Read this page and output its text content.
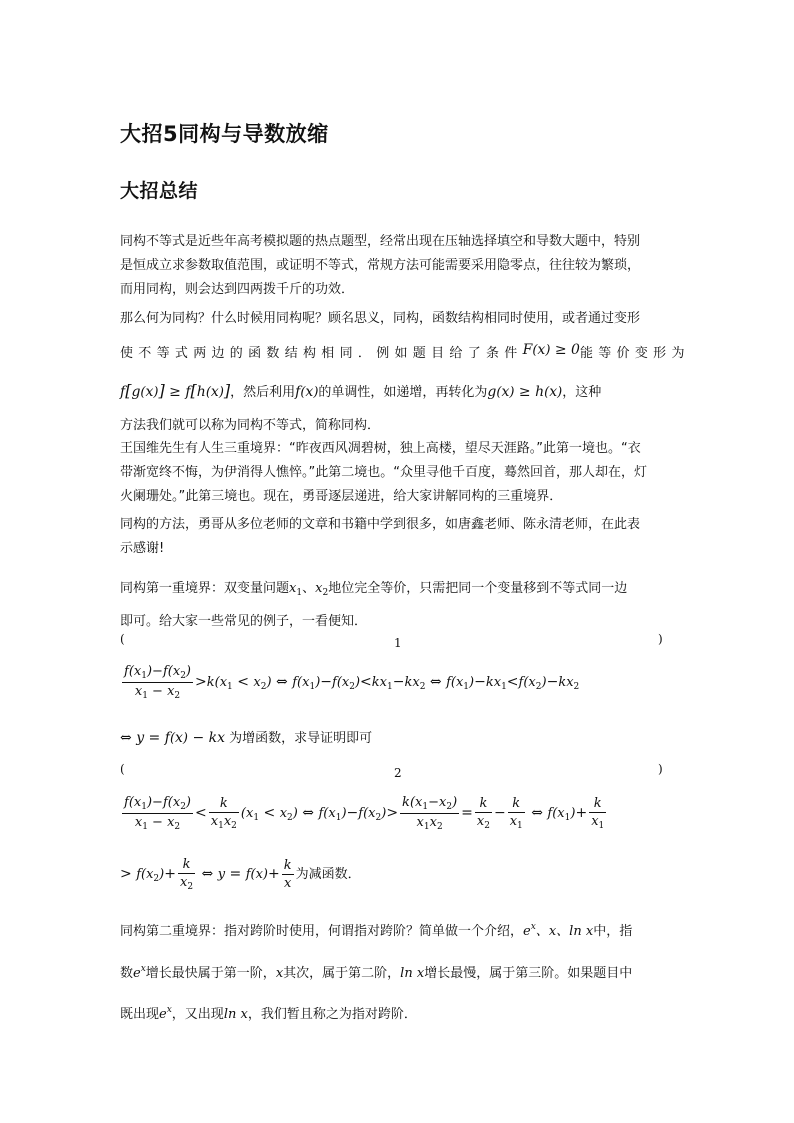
大招5同构与导数放缩
大招总结
同构不等式是近些年高考模拟题的热点题型，经常出现在压轴选择填空和导数大题中，特别
是恒成立求参数取值范围，或证明不等式，常规方法可能需要采用隐零点，往往较为繁琐，
而用同构，则会达到四两拨千斤的功效．
那么何为同构？什么时候用同构呢？顾名思义，同构，函数结构相同时使用，或者通过变形
使不等式两边的函数结构相同．例如题目给了条件 F(x) ≥ 0 能等价变形为
f[g(x)] ≥ f[h(x)]，然后利用f(x)的单调性，如递增，再转化为g(x) ≥ h(x)，这种
方法我们就可以称为同构不等式，简称同构．
王国维先生有人生三重境界：“昨夜西风凋碧树，独上高楼，望尽天涯路。”此第一境也。“衣
带渐宽终不悔，为伊消得人憔悴。”此第二境也。“众里寻他千百度，蓦然回首，那人却在，灯
火阑珊处。”此第三境也。现在，勇哥逐层递进，给大家讲解同构的三重境界．
同构的方法，勇哥从多位老师的文章和书籍中学到很多，如唐鑫老师、陈永清老师，在此表
示感谢!
同构第一重境界：双变量问题$x_1$、$x_2$地位完全等价，只需把同一个变量移到不等式同一边
即可。给大家一些常见的例子，一看便知．
(	1	)
$\frac{f(x_1)-f(x_2)}{x_1 - x_2} >k(x_1 < x_2)$ ⇔ $f(x_1)-f(x_2)<kx_1-kx_2$ ⇔ $f(x_1)-kx_1<f(x_2)-kx_2$
⇔ y = f(x) − kx 为增函数，求导证明即可
(	2	)
$\frac{f(x_1)-f(x_2)}{x_1 - x_2} < \frac{k}{x_1x_2} (x_1 < x_2)$ ⇔ $f(x_1)-f(x_2)> \frac{k(x_1-x_2)}{x_1x_2} = \frac{k}{x_2} - \frac{k}{x_1}$ ⇔ $f(x_1)+ \frac{k}{x_1}$
> $f(x_2)+ \frac{k}{x_2}$ ⇔ $y = f(x)+ \frac{k}{x}$ 为减函数．
同构第二重境界：指对跨阶时使用，何谓指对跨阶？简单做一个介绍，$e^x$、x、ln x中，指
数$e^x$增长最快属于第一阶，x其次，属于第二阶，ln x增长最慢，属于第三阶。如果题目中
既出现$e^x$，又出现ln x，我们暂且称之为指对跨阶．
